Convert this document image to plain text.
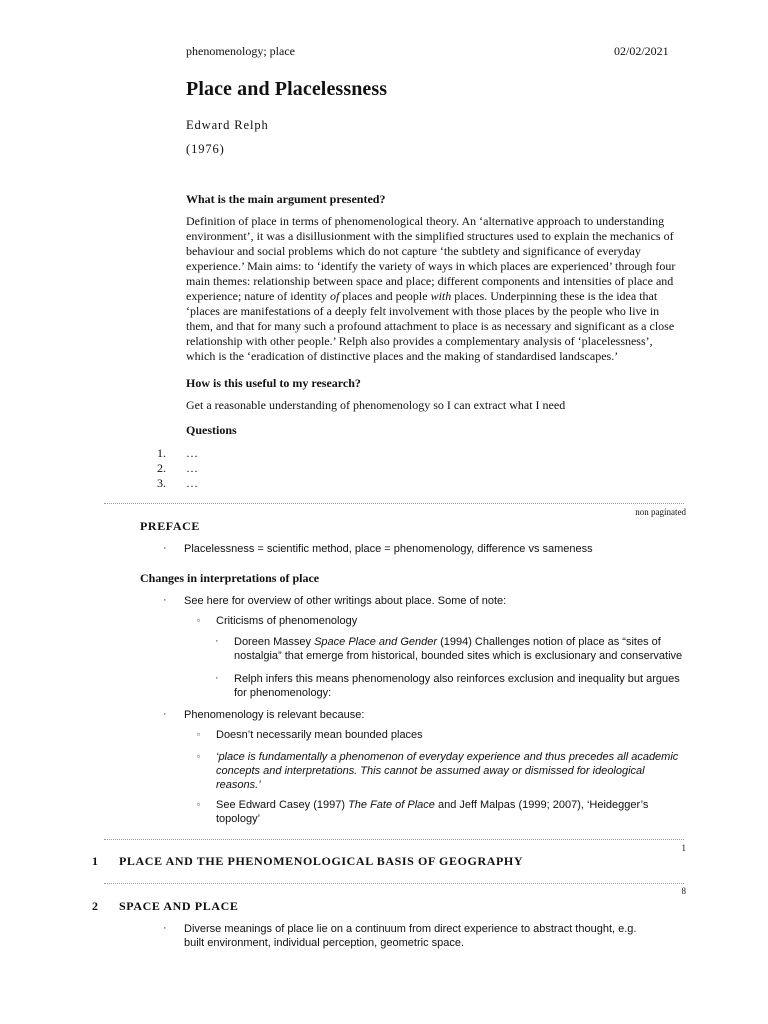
phenomenology; place	02/02/2021
Place and Placelessness
Edward Relph
(1976)
What is the main argument presented?

Definition of place in terms of phenomenological theory. An ‘alternative approach to understanding

environment’, it was a disillusionment with the simplified structures used to explain the mechanics of

behaviour and social problems which do not capture ‘the subtlety and significance of everyday

experience.’ Main aims: to ‘identify the variety of ways in which places are experienced’ through four

main themes: relationship between space and place; different components and intensities of place and

experience; nature of identity of places and people with places. Underpinning these is the idea that

‘places are manifestations of a deeply felt involvement with those places by the people who live in

them, and that for many such a profound attachment to place is as necessary and significant as a close

relationship with other people.’ Relph also provides a complementary analysis of ‘placelessness’,

which is the ‘eradication of distinctive places and the making of standardised landscapes.’

How is this useful to my research?
Get a reasonable understanding of phenomenology so I can extract what I need
Questions
1. …
2. …
3. …
non paginated
PREFACE
· Placelessness = scientific method, place = phenomenology, difference vs sameness
Changes in interpretations of place
· See here for overview of other writings about place. Some of note:
▫ Criticisms of phenomenology
· Doreen Massey Space Place and Gender (1994) Challenges notion of place as “sites of

nostalgia” that emerge from historical, bounded sites which is exclusionary and conservative

· Relph infers this means phenomenology also reinforces exclusion and inequality but argues

for phenomenology:

· Phenomenology is relevant because:
▫ Doesn’t necessarily mean bounded places
▫ ‘place is fundamentally a phenomenon of everyday experience and thus precedes all academic

concepts and interpretations. This cannot be assumed away or dismissed for ideological

reasons.’

▫ See Edward Casey (1997) The Fate of Place and Jeff Malpas (1999; 2007), ‘Heidegger’s

topology’

1
1 PLACE AND THE PHENOMENOLOGICAL BASIS OF GEOGRAPHY
8
2 SPACE AND PLACE
· Diverse meanings of place lie on a continuum from direct experience to abstract thought, e.g.

built environment, individual perception, geometric space.
